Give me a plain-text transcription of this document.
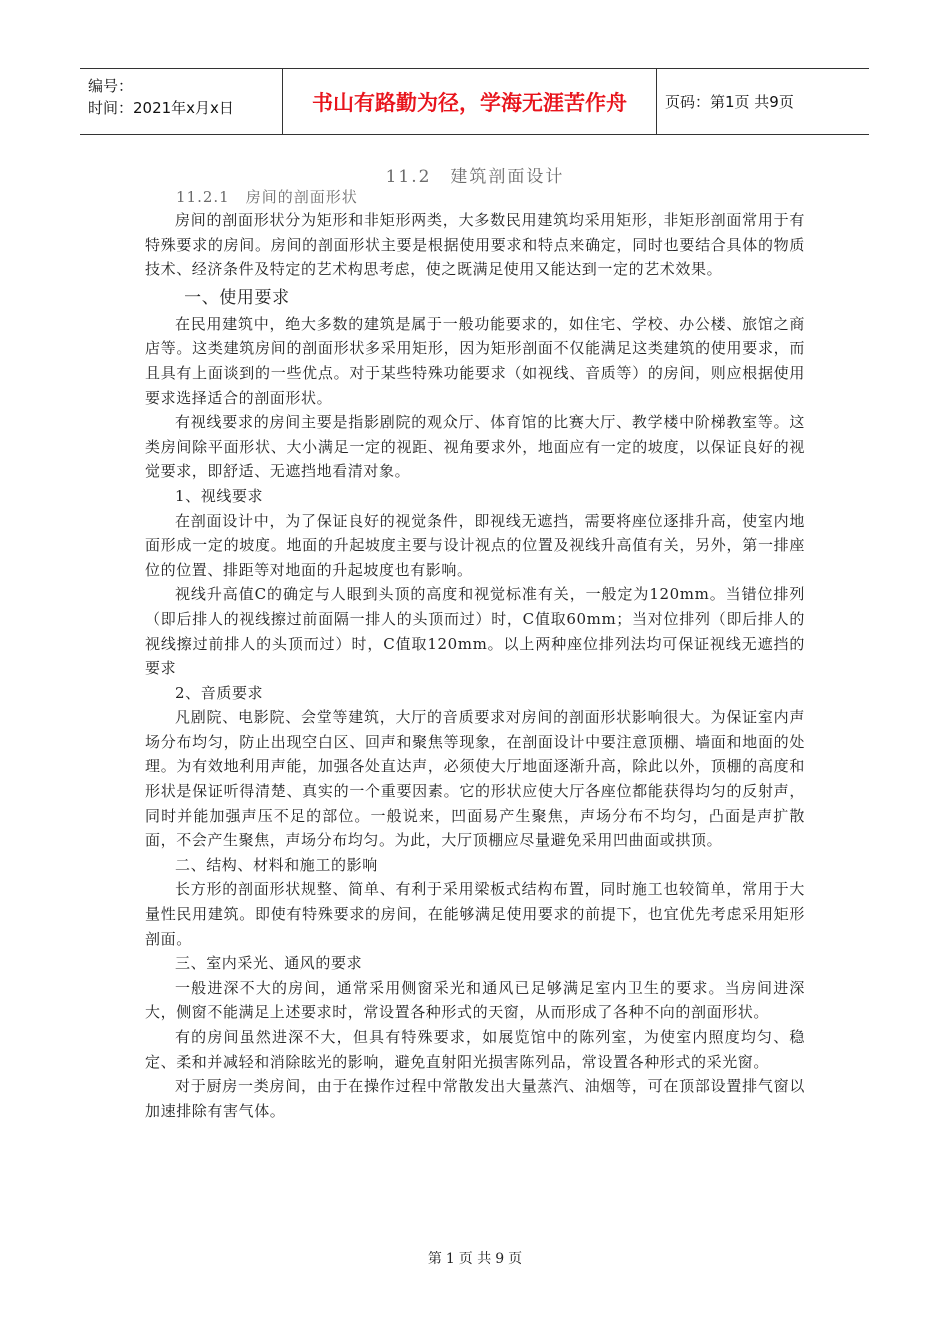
编号：
时间：2021年x月x日	书山有路勤为径，学海无涯苦作舟	页码：第1页 共9页
11.2　建筑剖面设计
11.2.1　房间的剖面形状

房间的剖面形状分为矩形和非矩形两类，大多数民用建筑均采用矩形，非矩形剖面常用于有特殊要求的房间。房间的剖面形状主要是根据使用要求和特点来确定，同时也要结合具体的物质技术、经济条件及特定的艺术构思考虑，使之既满足使用又能达到一定的艺术效果。

一、使用要求

在民用建筑中，绝大多数的建筑是属于一般功能要求的，如住宅、学校、办公楼、旅馆之商店等。这类建筑房间的剖面形状多采用矩形，因为矩形剖面不仅能满足这类建筑的使用要求，而且具有上面谈到的一些优点。对于某些特殊功能要求（如视线、音质等）的房间，则应根据使用要求选择适合的剖面形状。

有视线要求的房间主要是指影剧院的观众厅、体育馆的比赛大厅、教学楼中阶梯教室等。这类房间除平面形状、大小满足一定的视距、视角要求外，地面应有一定的坡度，以保证良好的视觉要求，即舒适、无遮挡地看清对象。

1、视线要求

在剖面设计中，为了保证良好的视觉条件，即视线无遮挡，需要将座位逐排升高，使室内地面形成一定的坡度。地面的升起坡度主要与设计视点的位置及视线升高值有关，另外，第一排座位的位置、排距等对地面的升起坡度也有影响。

视线升高值C的确定与人眼到头顶的高度和视觉标准有关，一般定为120mm。当错位排列（即后排人的视线擦过前面隔一排人的头顶而过）时，C值取60mm；当对位排列（即后排人的视线擦过前排人的头顶而过）时，C值取120mm。以上两种座位排列法均可保证视线无遮挡的要求

2、音质要求

凡剧院、电影院、会堂等建筑，大厅的音质要求对房间的剖面形状影响很大。为保证室内声场分布均匀，防止出现空白区、回声和聚焦等现象，在剖面设计中要注意顶棚、墙面和地面的处理。为有效地利用声能，加强各处直达声，必须使大厅地面逐渐升高，除此以外，顶棚的高度和形状是保证听得清楚、真实的一个重要因素。它的形状应使大厅各座位都能获得均匀的反射声，同时并能加强声压不足的部位。一般说来，凹面易产生聚焦，声场分布不均匀，凸面是声扩散面，不会产生聚焦，声场分布均匀。为此，大厅顶棚应尽量避免采用凹曲面或拱顶。

二、结构、材料和施工的影响

长方形的剖面形状规整、简单、有利于采用梁板式结构布置，同时施工也较简单，常用于大量性民用建筑。即使有特殊要求的房间，在能够满足使用要求的前提下，也宜优先考虑采用矩形剖面。

三、室内采光、通风的要求

一般进深不大的房间，通常采用侧窗采光和通风已足够满足室内卫生的要求。当房间进深大，侧窗不能满足上述要求时，常设置各种形式的天窗，从而形成了各种不向的剖面形状。

有的房间虽然进深不大，但具有特殊要求，如展览馆中的陈列室，为使室内照度均匀、稳定、柔和并减轻和消除眩光的影响，避免直射阳光损害陈列品，常设置各种形式的采光窗。

对于厨房一类房间，由于在操作过程中常散发出大量蒸汽、油烟等，可在顶部设置排气窗以加速排除有害气体。

第 1 页 共 9 页
